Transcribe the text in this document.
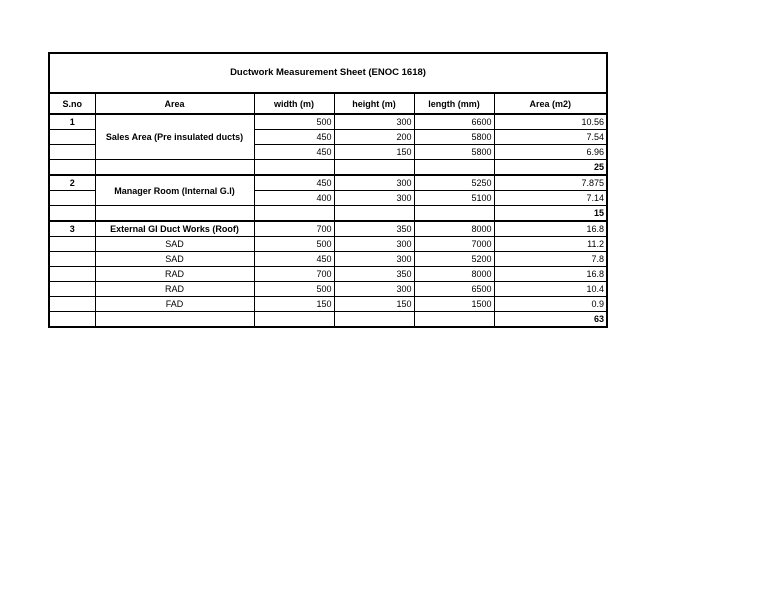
Ductwork Measurement Sheet (ENOC 1618)					
S.no	Area	width (m)	height (m)	length (mm)	Area (m2)
1	Sales Area (Pre insulated ducts)	500	300	6600	10.56
		450	200	5800	7.54
		450	150	5800	6.96
					25
2	Manager Room (Internal G.I)	450	300	5250	7.875
		400	300	5100	7.14
					15
3	External GI Duct Works (Roof)	700	350	8000	16.8
	SAD	500	300	7000	11.2
	SAD	450	300	5200	7.8
	RAD	700	350	8000	16.8
	RAD	500	300	6500	10.4
	FAD	150	150	1500	0.9
					63
